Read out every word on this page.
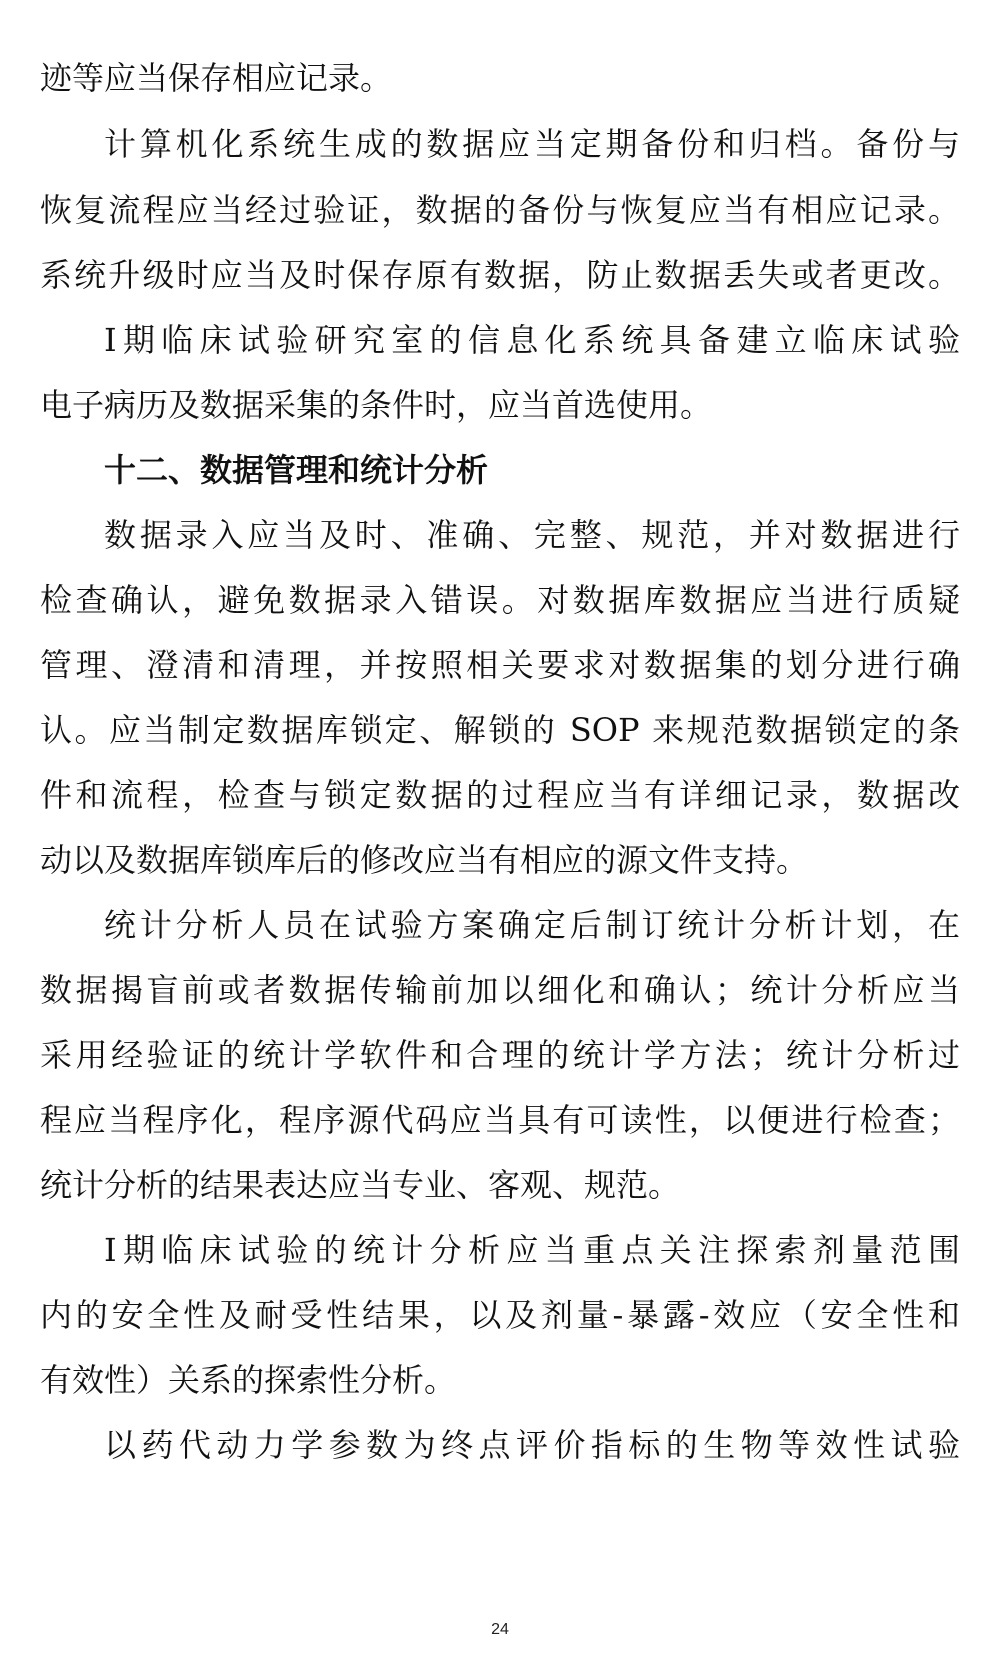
迹等应当保存相应记录。
计算机化系统生成的数据应当定期备份和归档。备份与
恢复流程应当经过验证，数据的备份与恢复应当有相应记录。
系统升级时应当及时保存原有数据，防止数据丢失或者更改。
Ⅰ期临床试验研究室的信息化系统具备建立临床试验
电子病历及数据采集的条件时，应当首选使用。
十二、数据管理和统计分析
数据录入应当及时、准确、完整、规范，并对数据进行
检查确认，避免数据录入错误。对数据库数据应当进行质疑
管理、澄清和清理，并按照相关要求对数据集的划分进行确
认。应当制定数据库锁定、解锁的 SOP 来规范数据锁定的条
件和流程，检查与锁定数据的过程应当有详细记录，数据改
动以及数据库锁库后的修改应当有相应的源文件支持。
统计分析人员在试验方案确定后制订统计分析计划，在
数据揭盲前或者数据传输前加以细化和确认；统计分析应当
采用经验证的统计学软件和合理的统计学方法；统计分析过
程应当程序化，程序源代码应当具有可读性，以便进行检查；
统计分析的结果表达应当专业、客观、规范。
Ⅰ期临床试验的统计分析应当重点关注探索剂量范围
内的安全性及耐受性结果，以及剂量-暴露-效应（安全性和
有效性）关系的探索性分析。
以药代动力学参数为终点评价指标的生物等效性试验
24
